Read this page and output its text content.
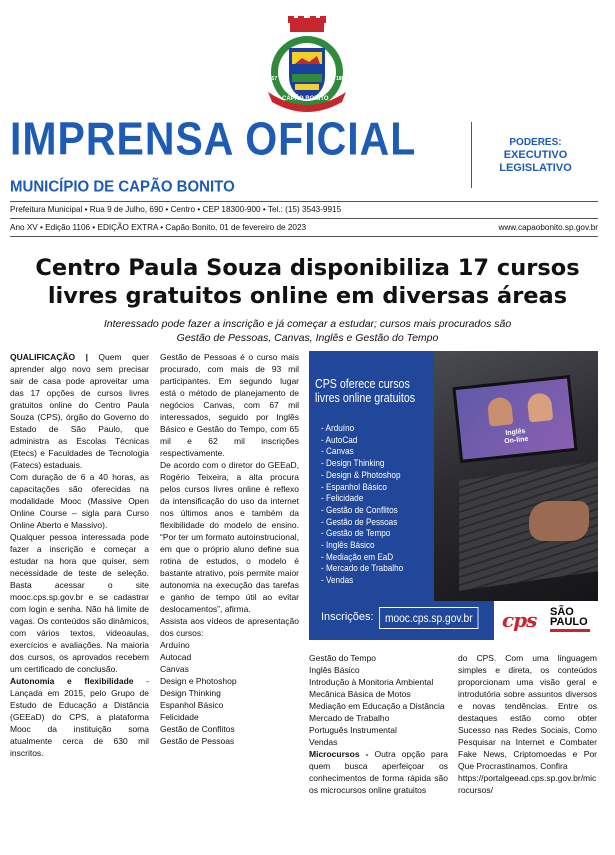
CAPÃO BONITO
1857	1857
IMPRENSA OFICIAL
MUNICÍPIO DE CAPÃO BONITO
PODERES:
EXECUTIVO
LEGISLATIVO
Prefeitura Municipal • Rua 9 de Julho, 690 • Centro • CEP 18300-900 • Tel.: (15) 3543-9915
Ano XV • Edição 1106 • EDIÇÃO EXTRA • Capão Bonito, 01 de fevereiro de 2023	www.capaobonito.sp.gov.br
Centro Paula Souza disponibiliza 17 cursos
livres gratuitos online em diversas áreas
Interessado pode fazer a inscrição e já começar a estudar; cursos mais procurados são
Gestão de Pessoas, Canvas, Inglês e Gestão do Tempo

QUALIFICAÇÃO | Quem quer aprender algo novo sem precisar sair de casa pode aproveitar uma das 17 opções de cursos livres gratuitos online do Centro Paula Souza (CPS), órgão do Governo do Estado de São Paulo, que administra as Escolas Técnicas (Etecs) e Faculdades de Tecnologia (Fatecs) estaduais.

Com duração de 6 a 40 horas, as capacitações são oferecidas na modalidade Mooc (Massive Open Online Course – sigla para Curso Online Aberto e Massivo).

Qualquer pessoa interessada pode fazer a inscrição e começar a estudar na hora que quiser, sem necessidade de teste de seleção. Basta acessar o site mooc.cps.sp.gov.br e se cadastrar com login e senha. Não há limite de vagas. Os conteúdos são dinâmicos, com vários textos, videoaulas, exercícios e avaliações. Na maioria dos cursos, os aprovados recebem um certificado de conclusão.

Autonomia e flexibilidade - Lançada em 2015, pelo Grupo de Estudo de Educação a Distância (GEEaD) do CPS, a plataforma Mooc da instituição soma atualmente cerca de 630 mil inscritos.

Gestão de Pessoas é o curso mais procurado, com mais de 93 mil participantes. Em segundo lugar está o método de planejamento de negócios Canvas, com 67 mil interessados, seguido por Inglês Básico e Gestão do Tempo, com 65 mil e 62 mil inscrições respectivamente.

De acordo com o diretor do GEEaD, Rogério Teixeira, a alta procura pelos cursos livres online é reflexo da intensificação do uso da internet nos últimos anos e também da flexibilidade do modelo de ensino. “Por ter um formato autoinstrucional, em que o próprio aluno define sua rotina de estudos, o modelo é bastante atrativo, pois permite maior autonomia na execução das tarefas e ganho de tempo útil ao evitar deslocamentos”, afirma.

Assista aos vídeos de apresentação dos cursos:

Arduíno

Autocad

Canvas

Design e Photoshop

Design Thinking

Espanhol Básico

Felicidade

Gestão de Conflitos

Gestão de Pessoas

Inglês
On-line
CPS oferece cursos livres online gratuitos
- Arduíno
- AutoCad
- Canvas
- Design Thinking
- Design & Photoshop
- Espanhol Básico
- Felicidade
- Gestão de Conflitos
- Gestão de Pessoas
- Gestão de Tempo
- Inglês Básico
- Mediação em EaD
- Mercado de Trabalho
- Vendas
Inscrições: mooc.cps.sp.gov.br cps SÃO
PAULO

Gestão do Tempo

Inglês Básico

Introdução à Monitoria Ambiental

Mecânica Básica de Motos

Mediação em Educação a Distância

Mercado de Trabalho

Português Instrumental

Vendas

Microcursos - Outra opção para quem busca aperfeiçoar os conhecimentos de forma rápida são os microcursos online gratuitos

do CPS. Com uma linguagem simples e direta, os conteúdos proporcionam uma visão geral e introdutória sobre assuntos diversos e novas tendências. Entre os destaques estão como obter Sucesso nas Redes Sociais, Como Pesquisar na Internet e Combater Fake News, Criptomoedas e Por Que Procrastinamos. Confira

https://portalgeead.cps.sp.gov.br/microcursos/
